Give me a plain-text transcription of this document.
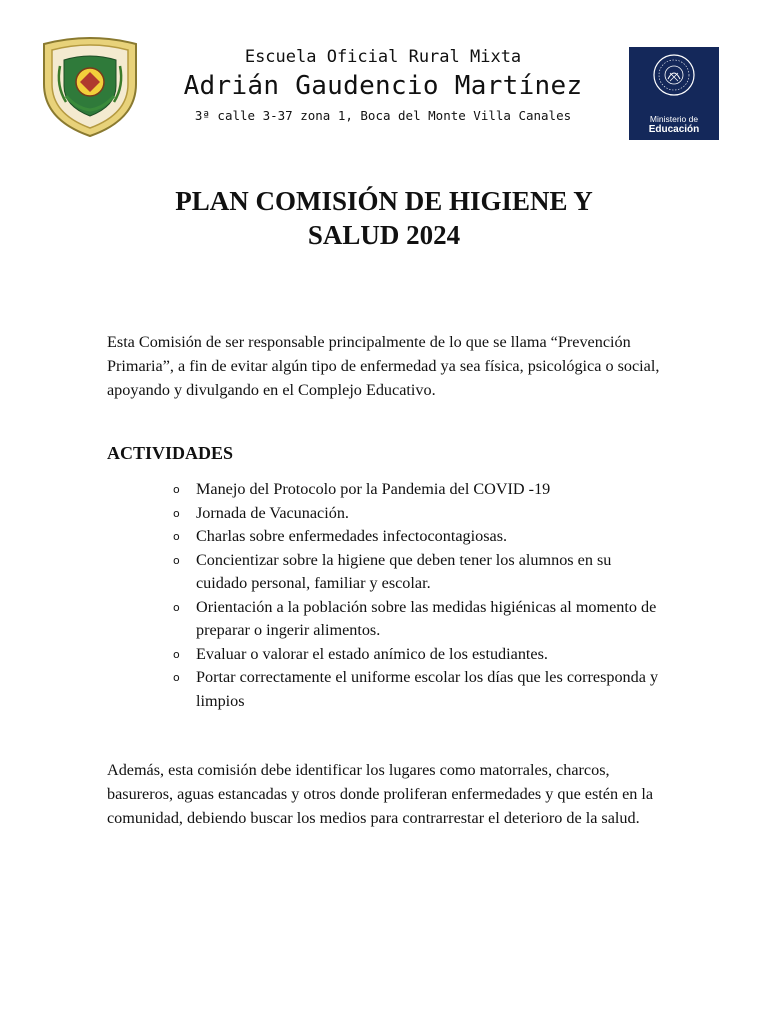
Escuela Oficial Rural Mixta
Adrián Gaudencio Martínez
3ª calle 3-37 zona 1, Boca del Monte Villa Canales	Ministerio de
Educación
PLAN COMISIÓN DE HIGIENE Y
SALUD 2024

Esta Comisión de ser responsable principalmente de lo que se llama “Prevención Primaria”, a fin de evitar algún tipo de enfermedad ya sea física, psicológica o social, apoyando y divulgando en el Complejo Educativo.

ACTIVIDADES
o Manejo del Protocolo por la Pandemia del COVID -19
o Jornada de Vacunación.
o Charlas sobre enfermedades infectocontagiosas.
o Concientizar sobre la higiene que deben tener los alumnos en su cuidado personal, familiar y escolar.
o Orientación a la población sobre las medidas higiénicas al momento de preparar o ingerir alimentos.
o Evaluar o valorar el estado anímico de los estudiantes.
o Portar correctamente el uniforme escolar los días que les corresponda y limpios

Además, esta comisión debe identificar los lugares como matorrales, charcos, basureros, aguas estancadas y otros donde proliferan enfermedades y que estén en la comunidad, debiendo buscar los medios para contrarrestar el deterioro de la salud.
